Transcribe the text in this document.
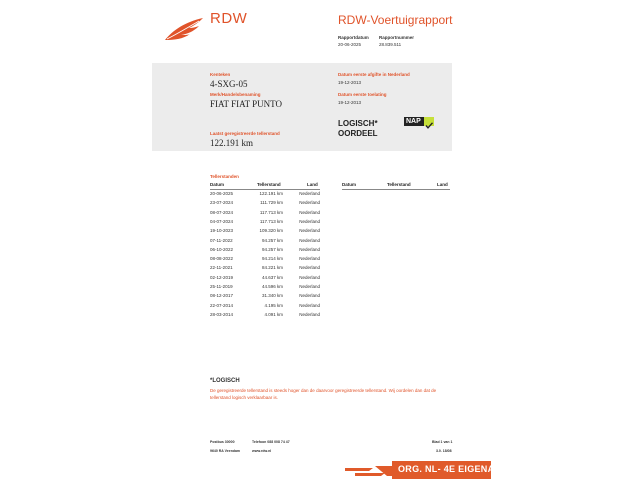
RDW	RDW-Voertuigrapport
Rapportdatum
20-06-2025
Rapportnummer
28.839.511
Kenteken
4-SXG-05
Merk/Handelsbenaming
FIAT FIAT PUNTO
Laatst geregistreerde tellerstand
122.191 km
Datum eerste afgifte in Nederland
19-12-2013
Datum eerste toelating
19-12-2013
LOGISCH*
OORDEEL
NAP
Tellerstanden
Datum	Tellerstand	Land	Datum	Tellerstand	Land
20-06-2025	122.191 km	Nederland
23-07-2024	111.729 km	Nederland
08-07-2024	117.713 km	Nederland
04-07-2024	117.713 km	Nederland
19-10-2023	109.320 km	Nederland
07-11-2022	94.257 km	Nederland
06-10-2022	94.257 km	Nederland
08-08-2022	94.214 km	Nederland
22-11-2021	84.221 km	Nederland
02-12-2019	44.637 km	Nederland
25-11-2019	44.596 km	Nederland
08-12-2017	31.340 km	Nederland
22-07-2014	4.195 km	Nederland
28-03-2014	4.091 km	Nederland
*LOGISCH
De geregistreerde tellerstand is steeds hoger dan de daarvoor geregistreerde tellerstand. Wij oordelen dan dat de tellerstand logisch verklaarbaar is.
Postbus 30000
9640 RA Veendam
Telefoon 088 008 74 47
www.rdw.nl
Blad 1 van 1
3.0. 18/08
ORG. NL- 4E EIGENAAR
